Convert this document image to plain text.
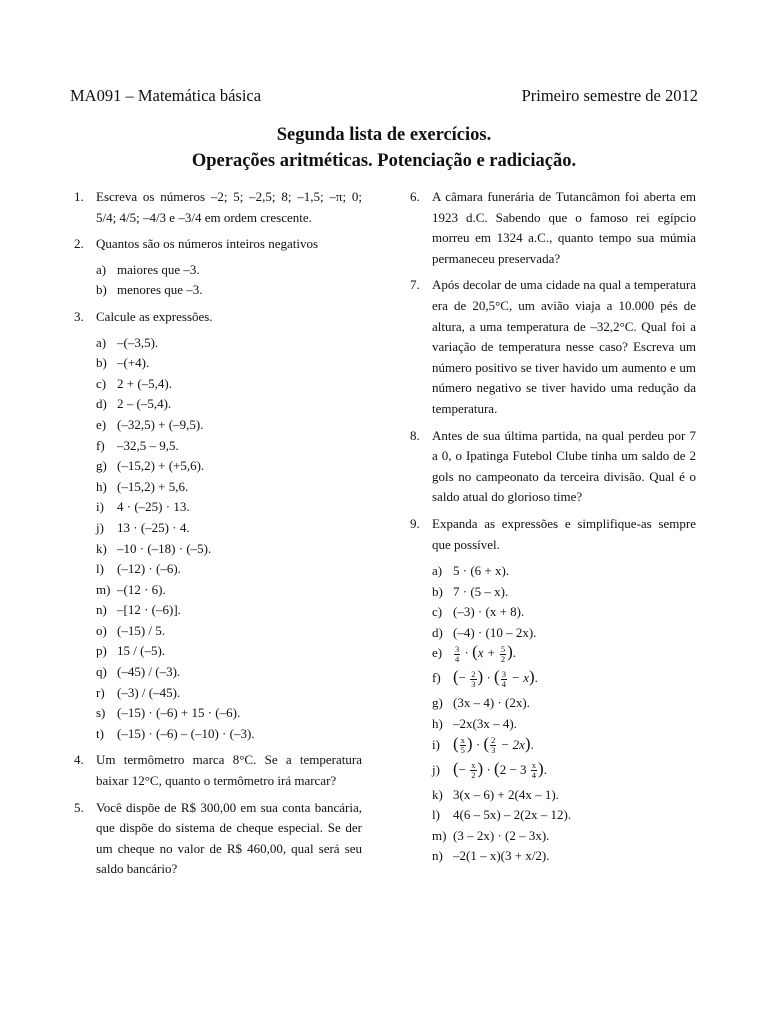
MA091 – Matemática básica	Primeiro semestre de 2012
Segunda lista de exercícios.
Operações aritméticas. Potenciação e radiciação.
1. Escreva os números –2; 5; –2,5; 8; –1,5; –π; 0; 5/4; 4/5; –4/3 e –3/4 em ordem crescente.
2. Quantos são os números inteiros negativos
a) maiores que –3.
b) menores que –3.
3. Calcule as expressões.
a) –(–3,5).
b) –(+4).
c) 2 + (–5,4).
d) 2 – (–5,4).
e) (–32,5) + (–9,5).
f) –32,5 – 9,5.
g) (–15,2) + (+5,6).
h) (–15,2) + 5,6.
i) 4 · (–25) · 13.
j) 13 · (–25) · 4.
k) –10 · (–18) · (–5).
l) (–12) · (–6).
m) –(12 · 6).
n) –[12 · (–6)].
o) (–15) / 5.
p) 15 / (–5).
q) (–45) / (–3).
r) (–3) / (–45).
s) (–15) · (–6) + 15 · (–6).
t) (–15) · (–6) – (–10) · (–3).
4. Um termômetro marca 8°C. Se a temperatura baixar 12°C, quanto o termômetro irá marcar?
5. Você dispõe de R$ 300,00 em sua conta bancária, que dispõe do sistema de cheque especial. Se der um cheque no valor de R$ 460,00, qual será seu saldo bancário?
6. A câmara funerária de Tutancâmon foi aberta em 1923 d.C. Sabendo que o famoso rei egípcio morreu em 1324 a.C., quanto tempo sua múmia permaneceu preservada?
7. Após decolar de uma cidade na qual a temperatura era de 20,5°C, um avião viaja a 10.000 pés de altura, a uma temperatura de –32,2°C. Qual foi a variação de temperatura nesse caso? Escreva um número positivo se tiver havido um aumento e um número negativo se tiver havido uma redução da temperatura.
8. Antes de sua última partida, na qual perdeu por 7 a 0, o Ipatinga Futebol Clube tinha um saldo de 2 gols no campeonato da terceira divisão. Qual é o saldo atual do glorioso time?
9. Expanda as expressões e simplifique-as sempre que possível.
a) 5 · (6 + x).
b) 7 · (5 – x).
c) (–3) · (x + 8).
d) (–4) · (10 – 2x).
$e) \frac{3}{4} \cdot (x + \frac{5}{2}$ ).
f) (− $\frac{2}{3}$ ) · ( $\frac{3}{4} - x$).
g) (3x – 4) · (2x).
h) –2x(3x – 4).
i) ( $\frac{x}{5}$ ) · ( $\frac{2}{3} - 2x$).
j) (− $\frac{x}{2}$ ) · ($2 - 3 \frac{x}{4}$ ).
k) 3(x – 6) + 2(4x – 1).
l) 4(6 – 5x) – 2(2x – 12).
m) (3 – 2x) · (2 – 3x).
n) –2(1 – x)(3 + x/2).
